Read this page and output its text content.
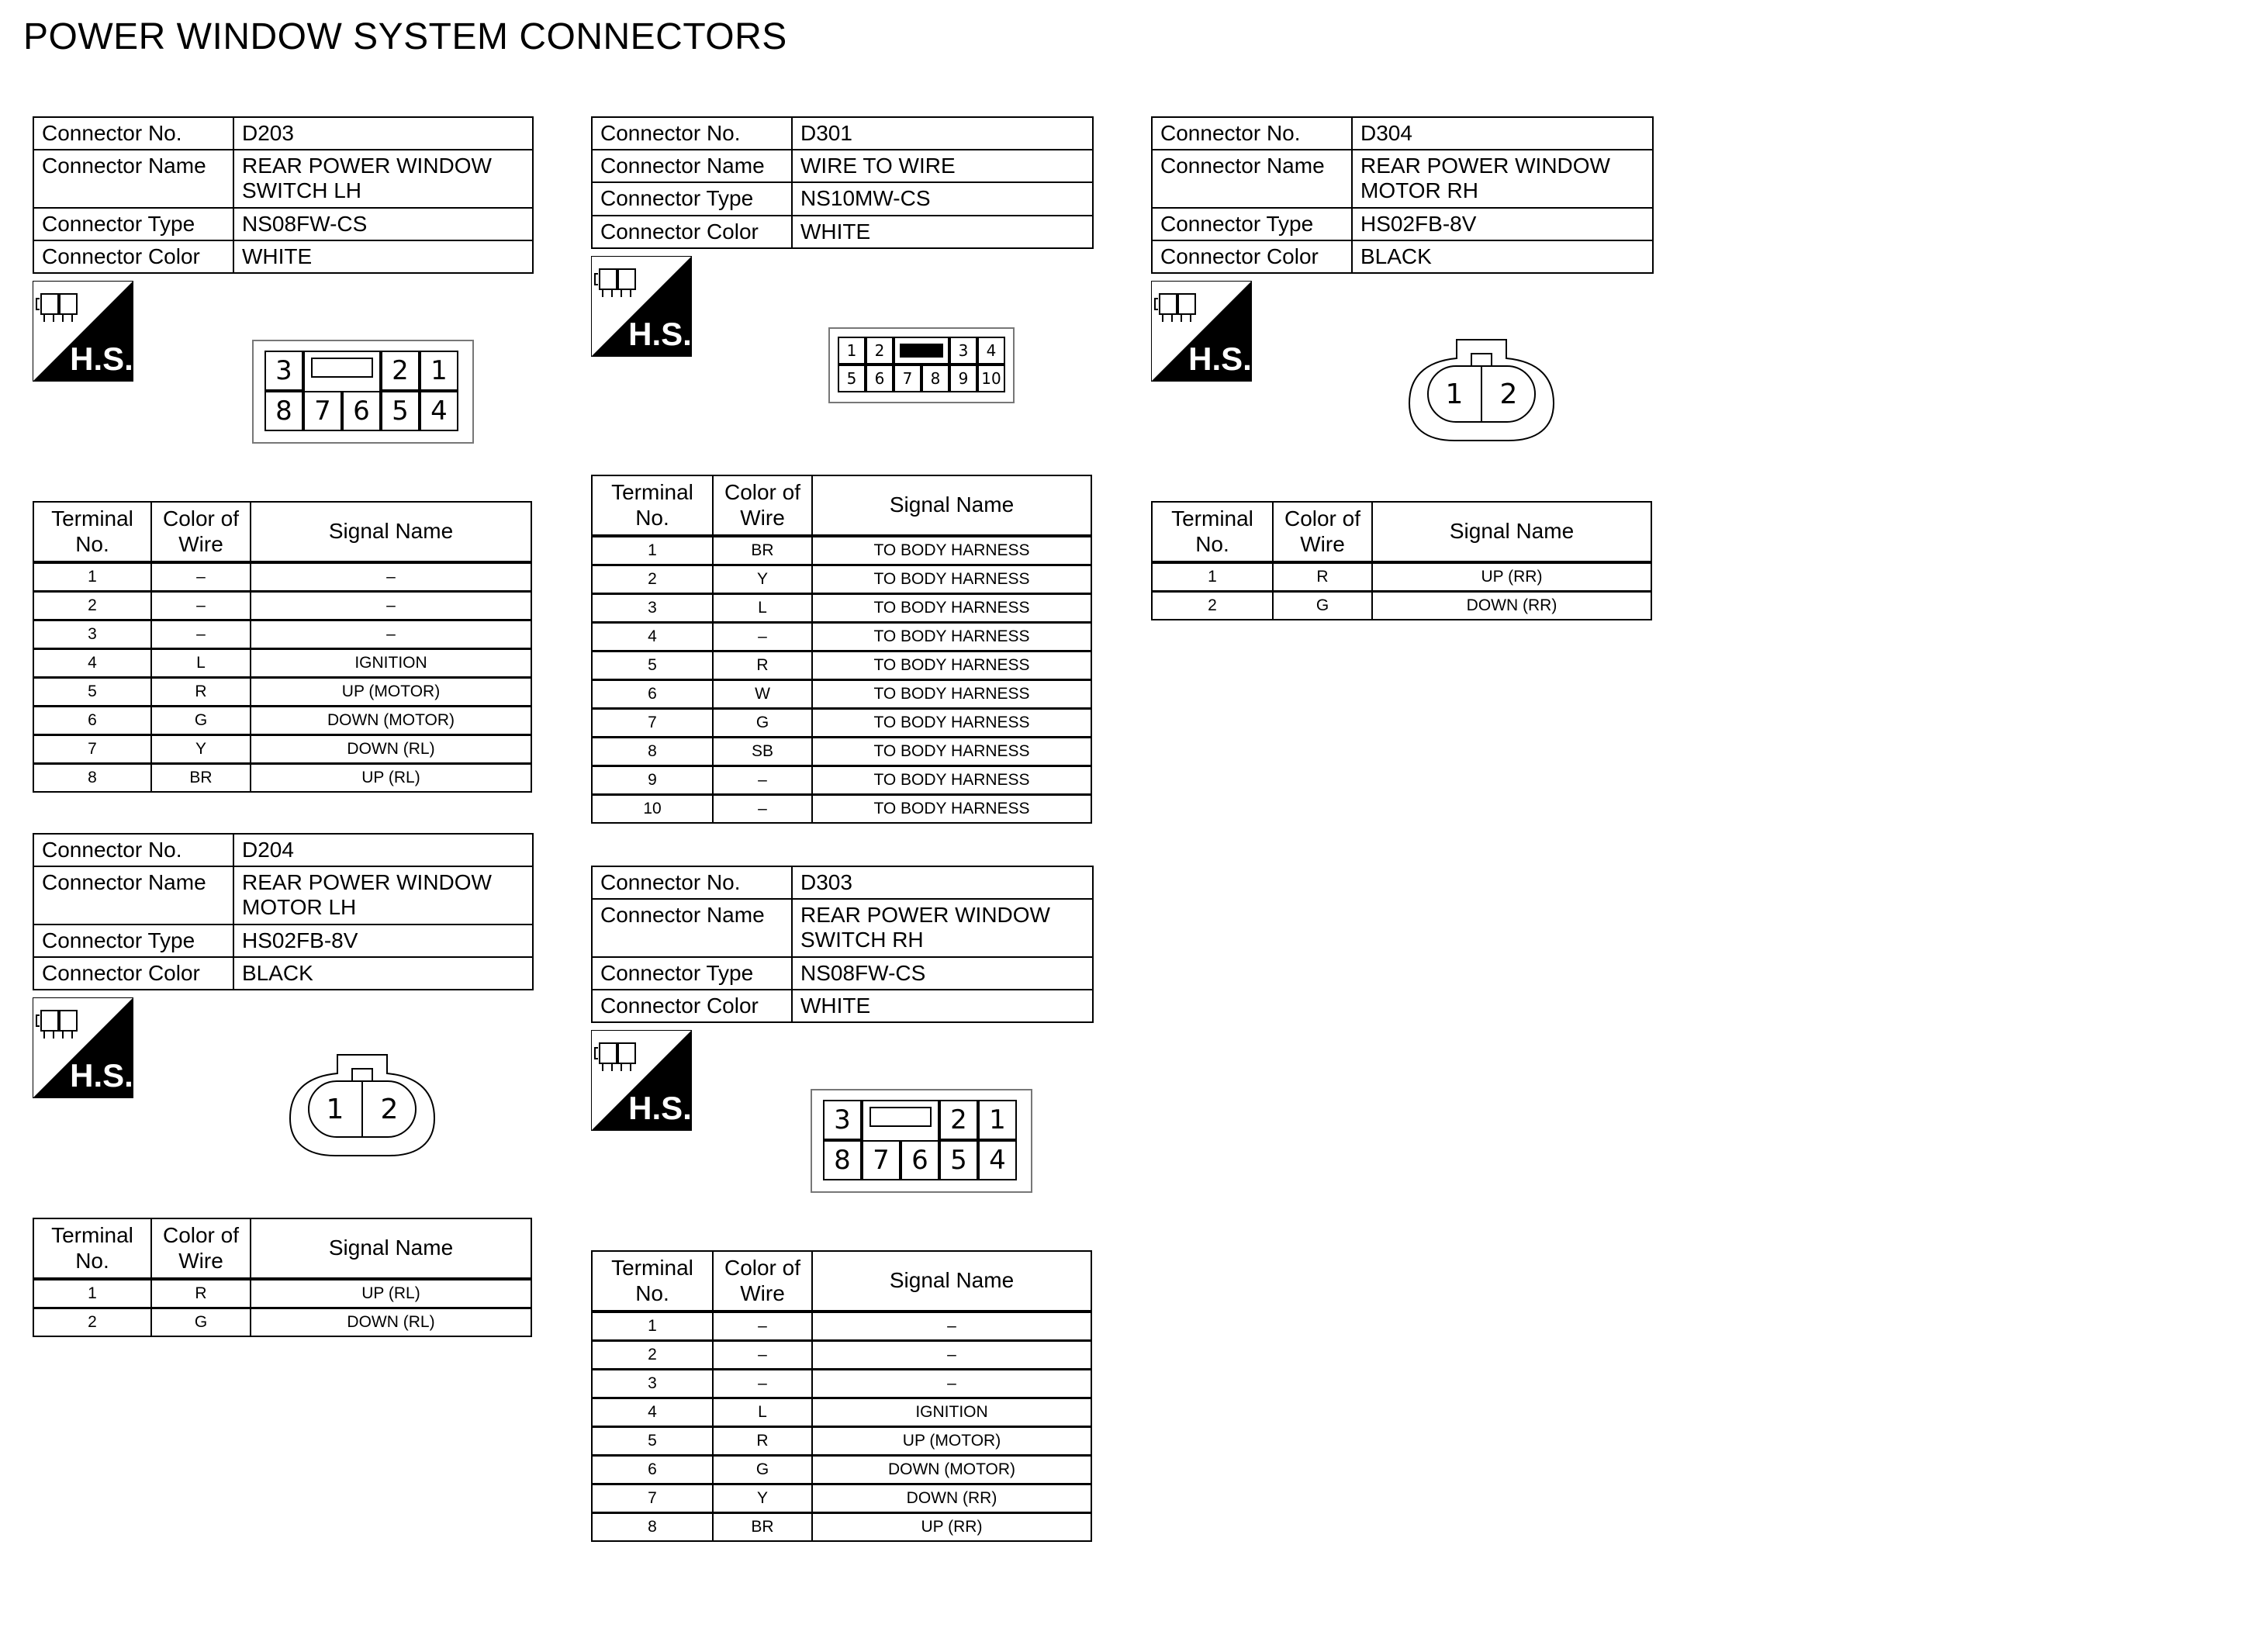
POWER WINDOW SYSTEM CONNECTORS
Connector No.	D203
Connector Name	REAR POWER WINDOW SWITCH LH
Connector Type	NS08FW-CS
Connector Color	WHITE
H.S.	3	2 1
8 7 6 5 4
Terminal No.	Color of Wire	Signal Name
1	–	–
2	–	–
3	–	–
4	L	IGNITION
5	R	UP (MOTOR)
6	G	DOWN (MOTOR)
7	Y	DOWN (RL)
8	BR	UP (RL)
Connector No.	D204
Connector Name	REAR POWER WINDOW MOTOR LH
Connector Type	HS02FB-8V
Connector Color	BLACK
H.S.
1 2
Terminal No.	Color of Wire	Signal Name
1	R	UP (RL)
2	G	DOWN (RL)
Connector No.	D301
Connector Name	WIRE TO WIRE
Connector Type	NS10MW-CS
Connector Color	WHITE
H.S.	1	2	3	4
5	6	7	8	9 10
Terminal No.	Color of Wire	Signal Name
1	BR	TO BODY HARNESS
2	Y	TO BODY HARNESS
3	L	TO BODY HARNESS
4	–	TO BODY HARNESS
5	R	TO BODY HARNESS
6	W	TO BODY HARNESS
7	G	TO BODY HARNESS
8	SB	TO BODY HARNESS
9	–	TO BODY HARNESS
10	–	TO BODY HARNESS
Connector No.	D303
Connector Name	REAR POWER WINDOW SWITCH RH
Connector Type	NS08FW-CS
Connector Color	WHITE
H.S.	3	2 1
8 7 6 5 4
Terminal No.	Color of Wire	Signal Name
1	–	–
2	–	–
3	–	–
4	L	IGNITION
5	R	UP (MOTOR)
6	G	DOWN (MOTOR)
7	Y	DOWN (RR)
8	BR	UP (RR)
Connector No.	D304
Connector Name	REAR POWER WINDOW MOTOR RH
Connector Type	HS02FB-8V
Connector Color	BLACK
H.S.
1 2
Terminal No.	Color of Wire	Signal Name
1	R	UP (RR)
2	G	DOWN (RR)
